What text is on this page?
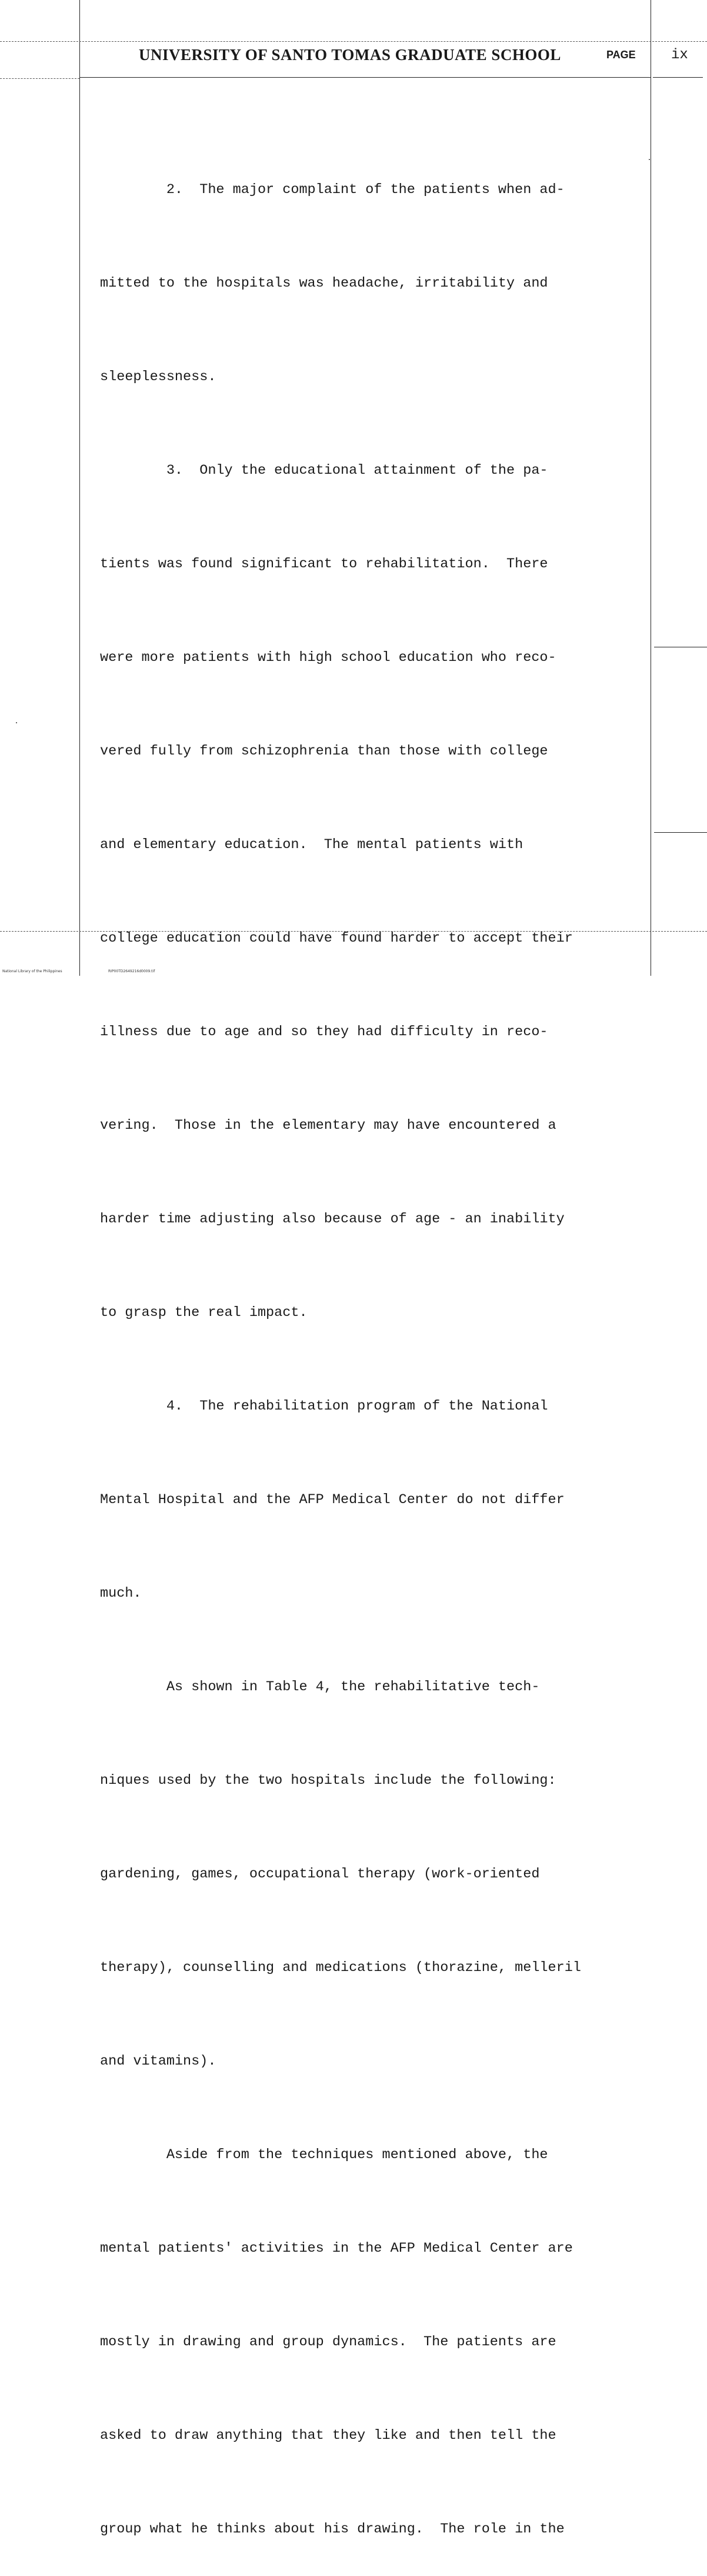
UNIVERSITY OF SANTO TOMAS GRADUATE SCHOOL	PAGE	ix

2.  The major complaint of the patients when ad-

mitted to the hospitals was headache, irritability and

sleeplessness.

3.  Only the educational attainment of the pa-

tients was found significant to rehabilitation.  There

were more patients with high school education who reco-

vered fully from schizophrenia than those with college

and elementary education.  The mental patients with

college education could have found harder to accept their

illness due to age and so they had difficulty in reco-

vering.  Those in the elementary may have encountered a

harder time adjusting also because of age - an inability

to grasp the real impact.

4.  The rehabilitation program of the National

Mental Hospital and the AFP Medical Center do not differ

much.

As shown in Table 4, the rehabilitative tech-

niques used by the two hospitals include the following:

gardening, games, occupational therapy (work-oriented

therapy), counselling and medications (thorazine, melleril

and vitamins).

Aside from the techniques mentioned above, the

mental patients' activities in the AFP Medical Center are

mostly in drawing and group dynamics.  The patients are

asked to draw anything that they like and then tell the

group what he thinks about his drawing.  The role in the

National Library of the Philippines	RIP00TD2649216d0009.tif
